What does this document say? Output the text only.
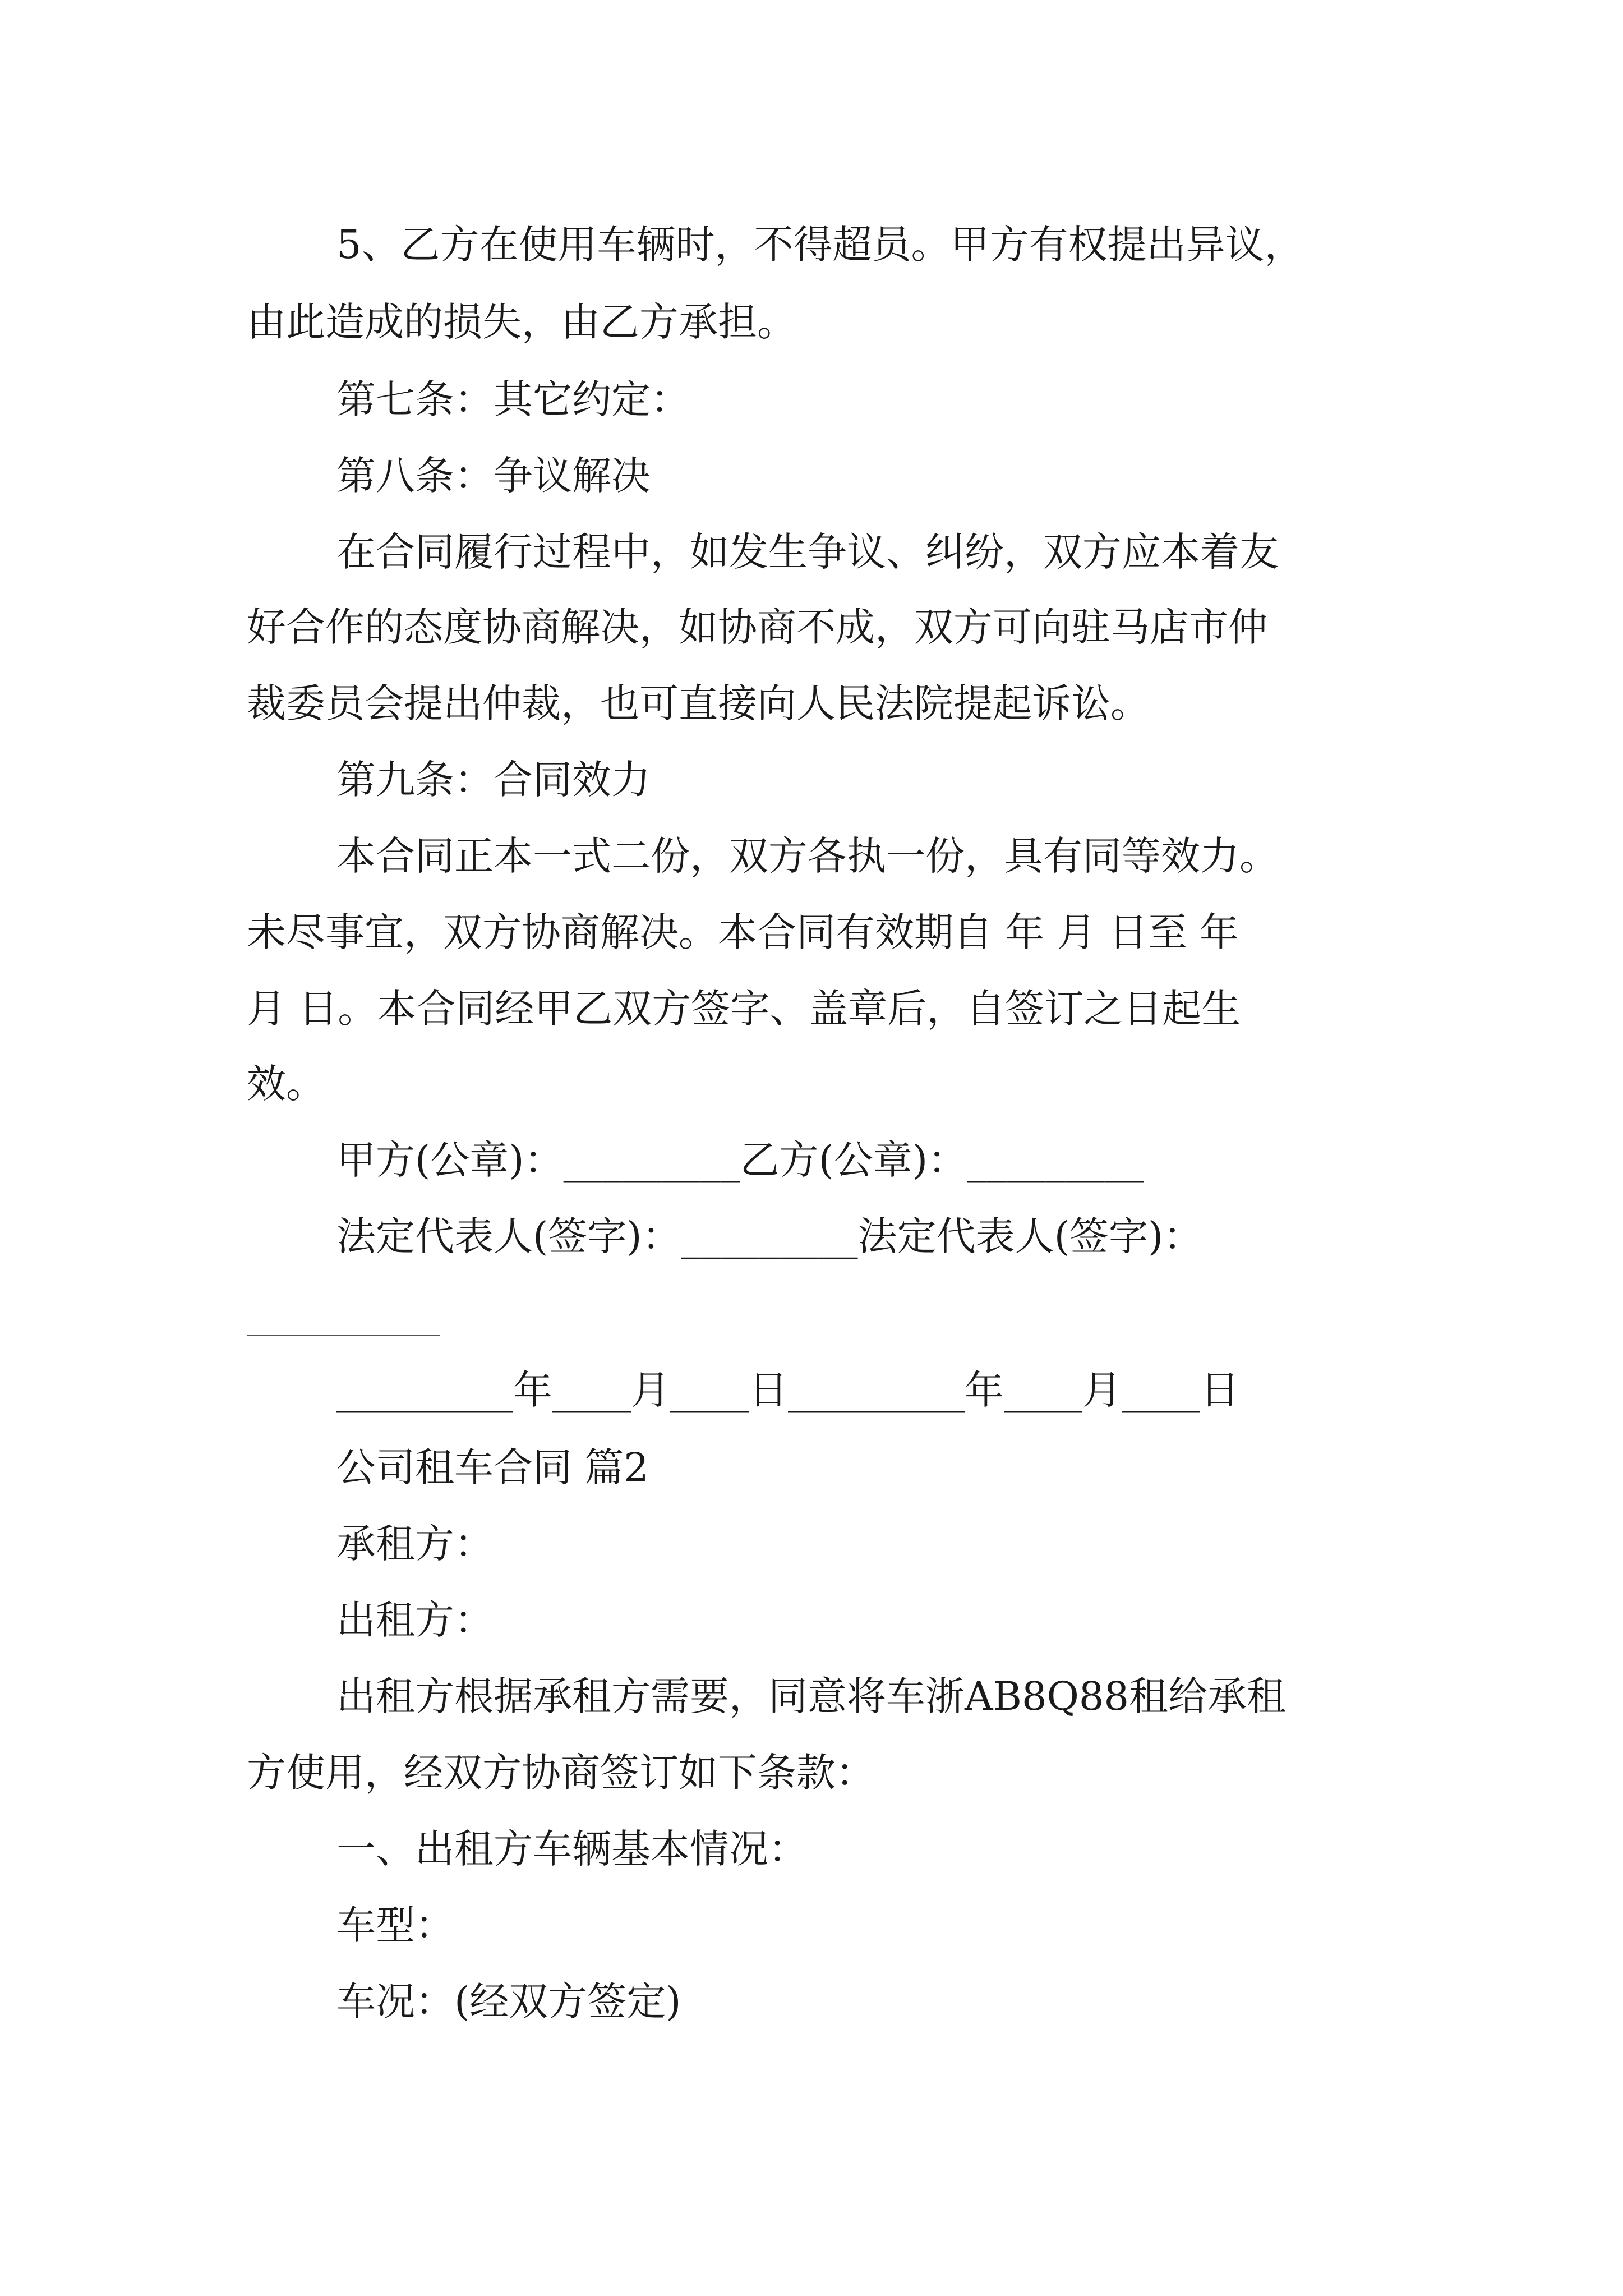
5、乙方在使用车辆时，不得超员。甲方有权提出异议，
由此造成的损失，由乙方承担。
第七条：其它约定：
第八条：争议解决
在合同履行过程中，如发生争议、纠纷，双方应本着友
好合作的态度协商解决，如协商不成，双方可向驻马店市仲
裁委员会提出仲裁，也可直接向人民法院提起诉讼。
第九条：合同效力
本合同正本一式二份，双方各执一份，具有同等效力。
未尽事宜，双方协商解决。本合同有效期自 年 月 日至 年
月 日。本合同经甲乙双方签字、盖章后，自签订之日起生
效。
甲方(公章)：_________乙方(公章)：_________
法定代表人(签字)：_________法定代表人(签字)：
_________年____月____日_________年____月____日
公司租车合同 篇2
承租方：
出租方：
出租方根据承租方需要，同意将车浙AB8Q88租给承租
方使用，经双方协商签订如下条款：
一、出租方车辆基本情况：
车型：
车况：(经双方签定)
